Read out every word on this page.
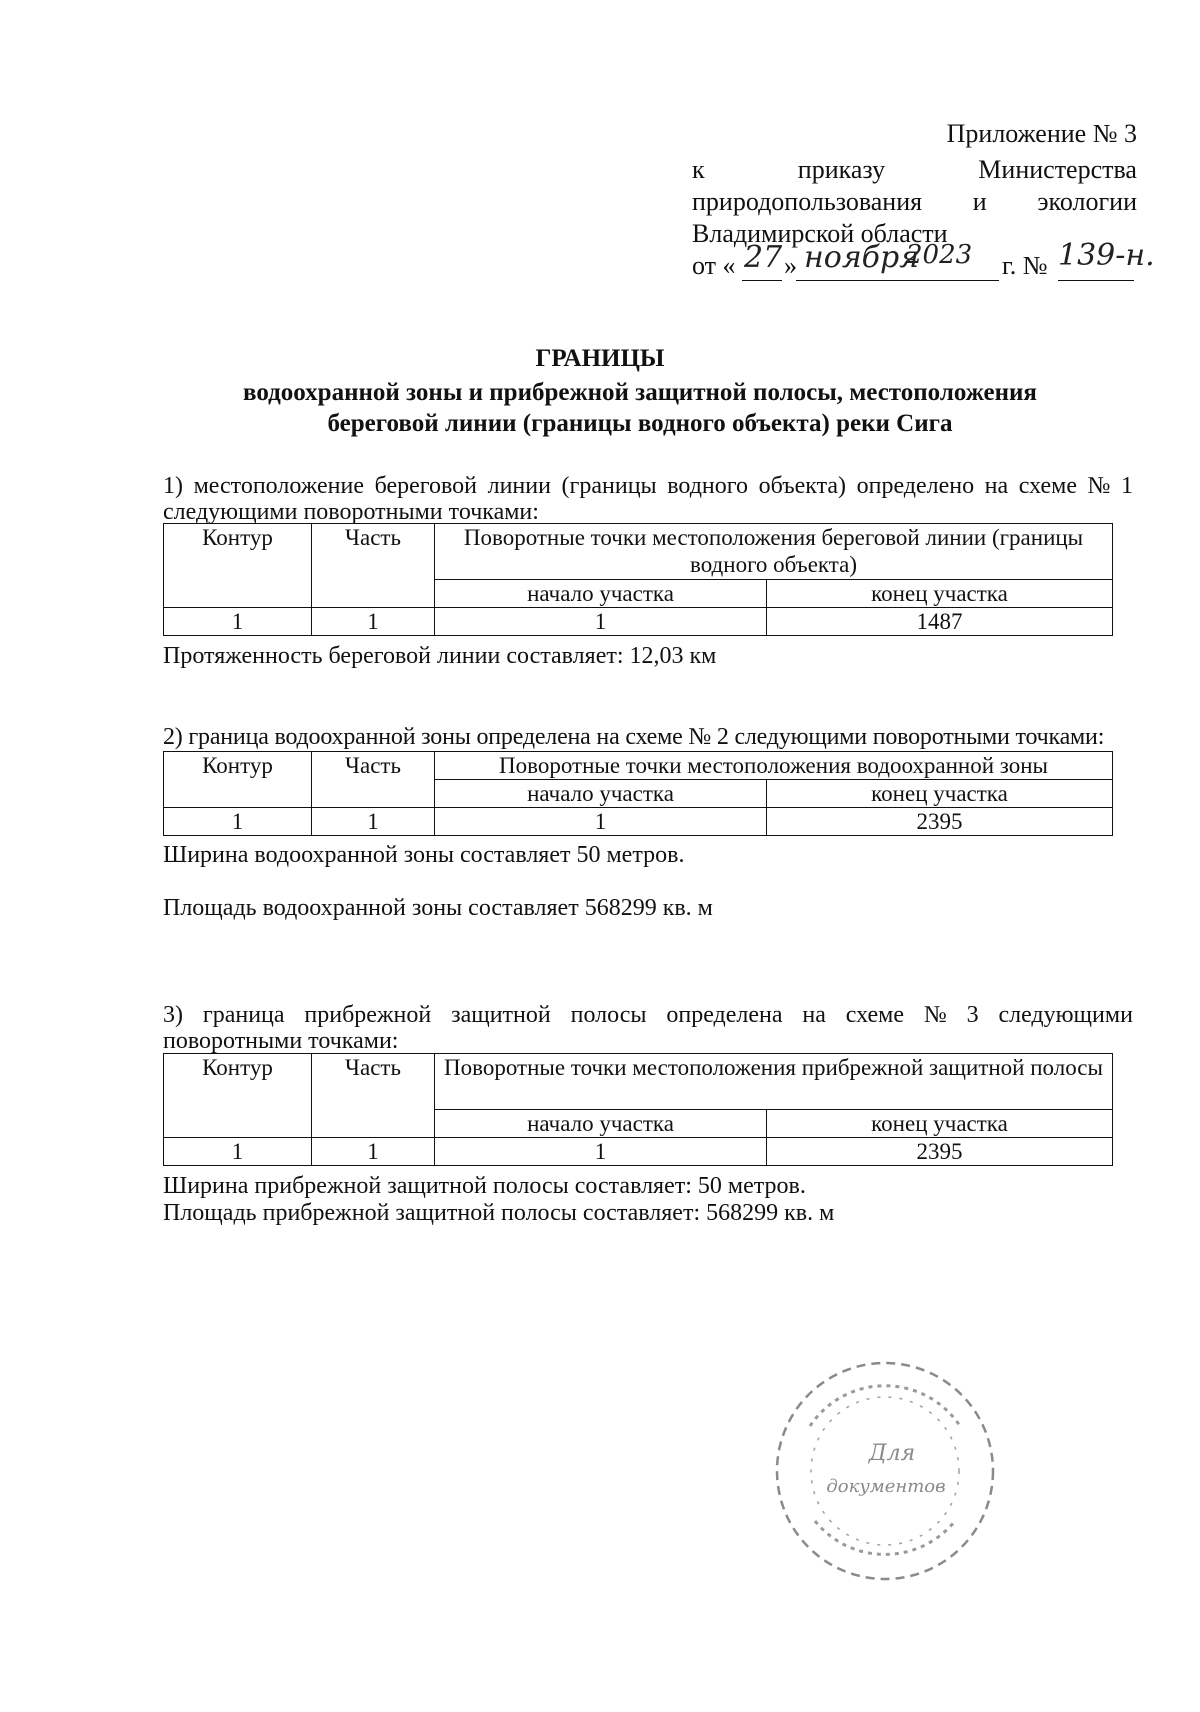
Приложение № 3
к	приказу	Министерства
природопользования и экологии
Владимирской области
от « 27 » ноября
2023 г. № 139-н.
ГРАНИЦЫ
водоохранной зоны и прибрежной защитной полосы, местоположения
береговой линии (границы водного объекта) реки Сига
1) местоположение береговой линии (границы водного объекта) определено на схеме № 1
следующими поворотными точками:
Контур	Часть	Поворотные точки местоположения береговой линии (границы водного объекта)	
		начало участка	конец участка
1	1	1	1487
Протяженность береговой линии составляет: 12,03 км
2) граница водоохранной зоны определена на схеме № 2 следующими поворотными точками:
Контур	Часть	Поворотные точки местоположения водоохранной зоны	
		начало участка	конец участка
1	1	1	2395
Ширина водоохранной зоны составляет 50 метров.
Площадь водоохранной зоны составляет 568299 кв. м
3) граница прибрежной защитной полосы определена на схеме № 3 следующими
поворотными точками:
Контур	Часть	Поворотные точки местоположения прибрежной защитной полосы	
		начало участка	конец участка
1	1	1	2395
Ширина прибрежной защитной полосы составляет: 50 метров.
Площадь прибрежной защитной полосы составляет: 568299 кв. м
Для
документов
